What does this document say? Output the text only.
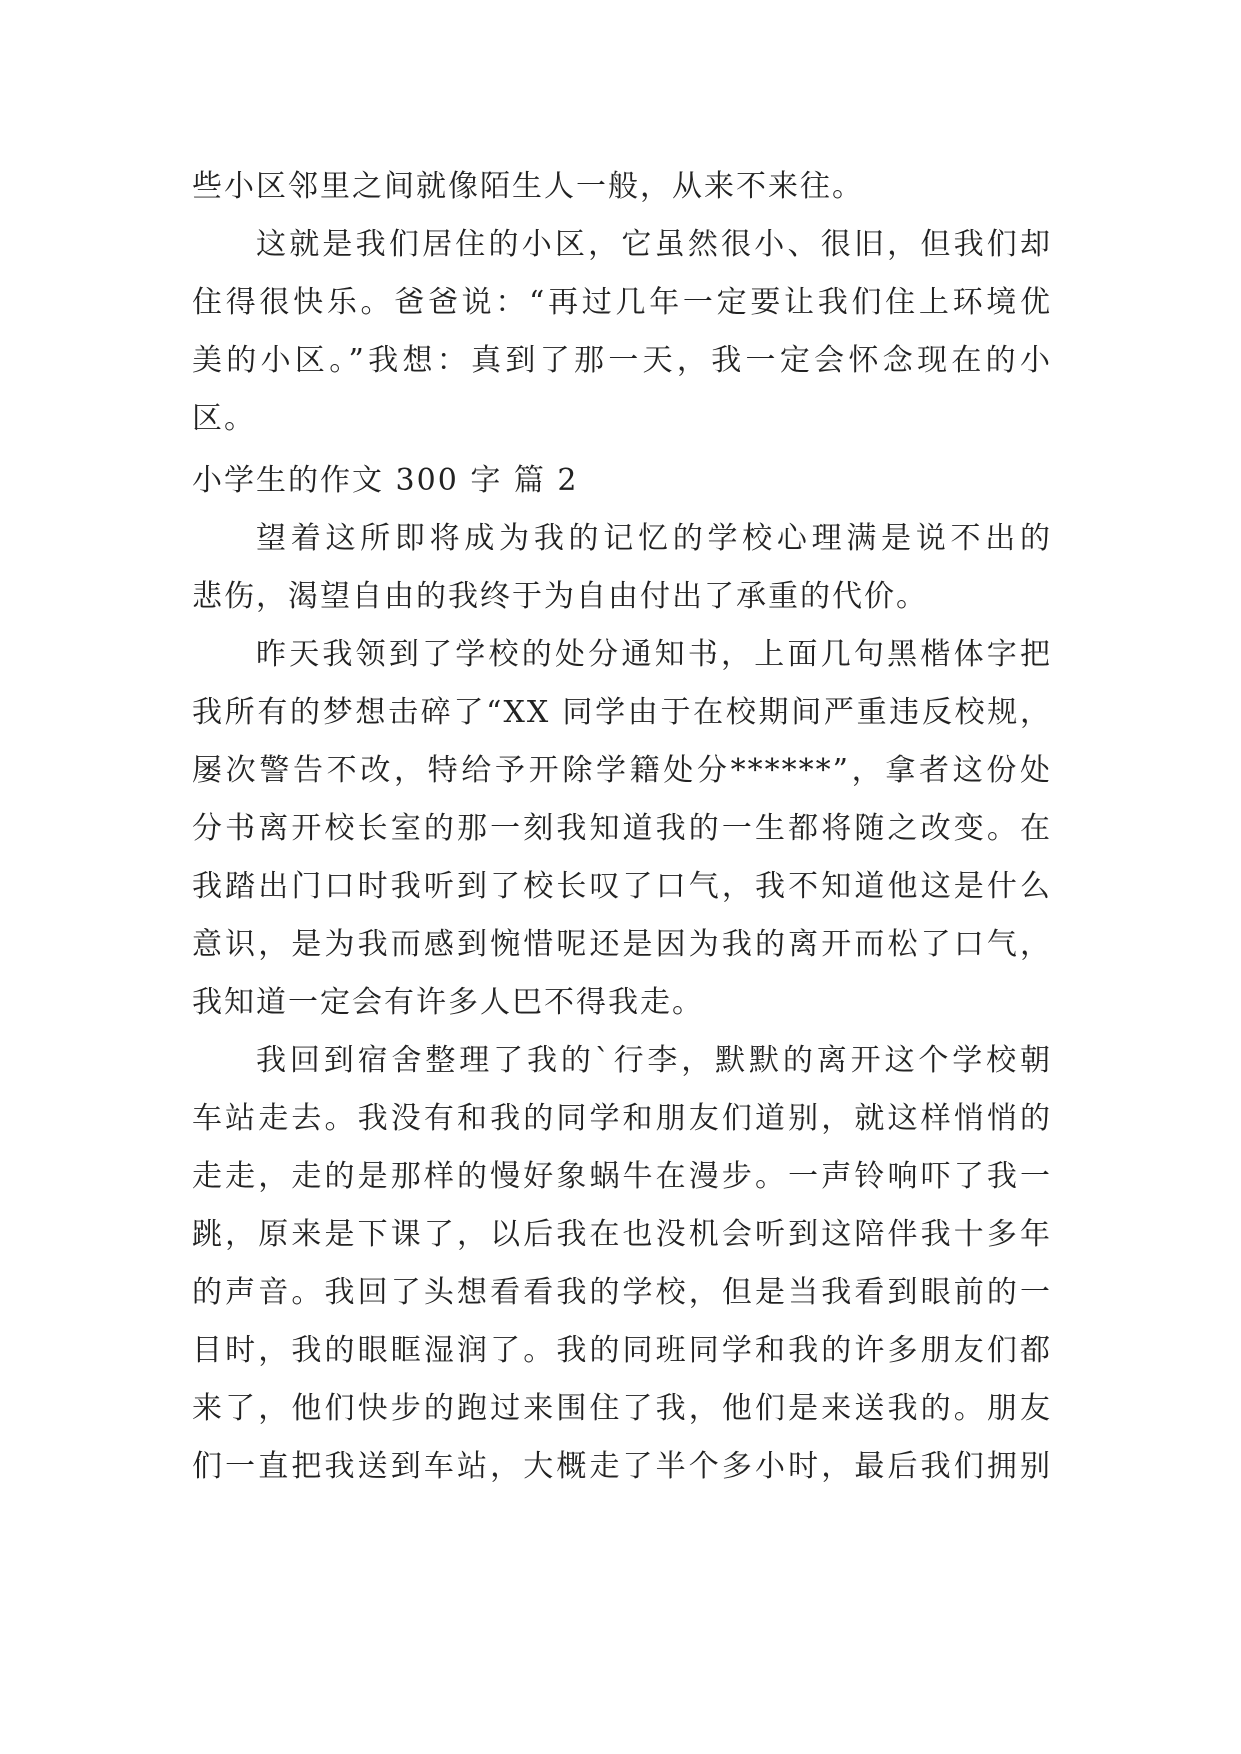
些小区邻里之间就像陌生人一般，从来不来往。
这就是我们居住的小区，它虽然很小、很旧，但我们却
住得很快乐。爸爸说：“再过几年一定要让我们住上环境优
美的小区。”我想：真到了那一天，我一定会怀念现在的小
区。
小学生的作文 300 字 篇 2
望着这所即将成为我的记忆的学校心理满是说不出的
悲伤，渴望自由的我终于为自由付出了承重的代价。
昨天我领到了学校的处分通知书，上面几句黑楷体字把
我所有的梦想击碎了“XX 同学由于在校期间严重违反校规，
屡次警告不改，特给予开除学籍处分******”，拿者这份处
分书离开校长室的那一刻我知道我的一生都将随之改变。在
我踏出门口时我听到了校长叹了口气，我不知道他这是什么
意识，是为我而感到惋惜呢还是因为我的离开而松了口气，
我知道一定会有许多人巴不得我走。
我回到宿舍整理了我的`行李，默默的离开这个学校朝
车站走去。我没有和我的同学和朋友们道别，就这样悄悄的
走走，走的是那样的慢好象蜗牛在漫步。一声铃响吓了我一
跳，原来是下课了，以后我在也没机会听到这陪伴我十多年
的声音。我回了头想看看我的学校，但是当我看到眼前的一
目时，我的眼眶湿润了。我的同班同学和我的许多朋友们都
来了，他们快步的跑过来围住了我，他们是来送我的。朋友
们一直把我送到车站，大概走了半个多小时，最后我们拥别
